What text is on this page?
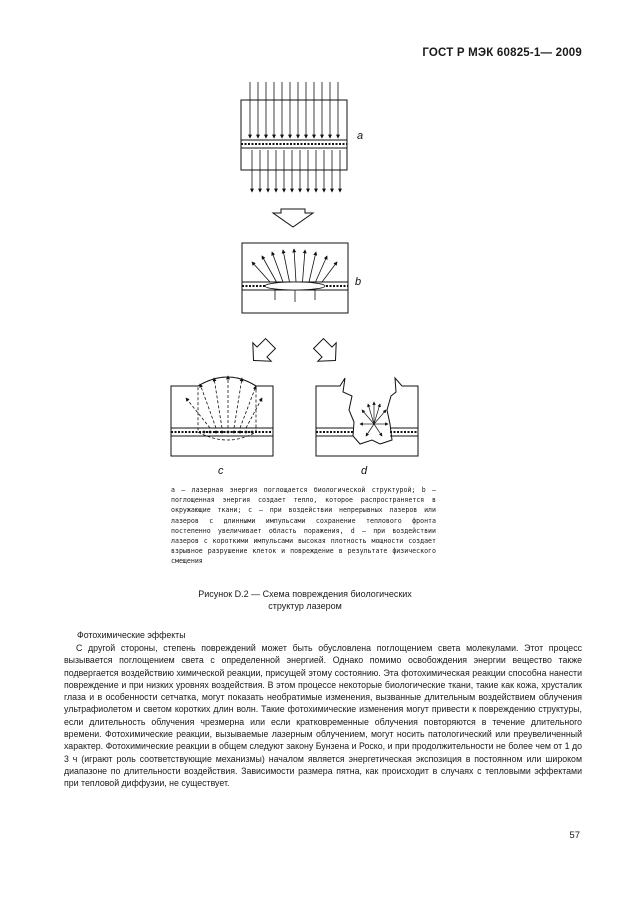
ГОСТ Р МЭК 60825-1— 2009
a
b
c	d
a — лазерная энергия поглощается биологической структурой; b — поглощенная энергия создает тепло, которое распространяется в окружающие ткани; c — при воздействии непрерывных лазеров или лазеров с длинными импульсами сохранение теплового фронта постепенно увеличивает область поражения, d — при воздействии лазеров с короткими импульсами высокая плотность мощности создает взрывное разрушение клеток и повреждение в результате физического смещения
Рисунок D.2 — Схема повреждения биологических
структур лазером
Фотохимические эффекты
С другой стороны, степень повреждений может быть обусловлена поглощением света молекулами. Этот процесс вызывается поглощением света с определенной энергией. Однако помимо освобождения энергии вещество также подвергается воздействию химической реакции, присущей этому состоянию. Эта фотохимическая реакции способна нанести повреждение и при низких уровнях воздействия. В этом процессе некоторые биологические ткани, такие как кожа, хрусталик глаза и в особенности сетчатка, могут показать необратимые изменения, вызванные длительным воздействием облучения ультрафиолетом и светом коротких длин волн. Такие фотохимические изменения могут привести к повреждению структуры, если длительность облучения чрезмерна или если кратковременные облучения повторяются в течение длительного времени. Фотохимические реакции, вызываемые лазерным облучением, могут носить патологический или преувеличенный характер. Фотохимические реакции в общем следуют закону Бунзена и Роско, и при продолжительности не более чем от 1 до 3 ч (играют роль соответствующие механизмы) началом является энергетическая экспозиция в постоянном или широком диапазоне по длительности воздействия. Зависимости размера пятна, как происходит в случаях с тепловыми эффектами при тепловой диффузии, не существует.
57
